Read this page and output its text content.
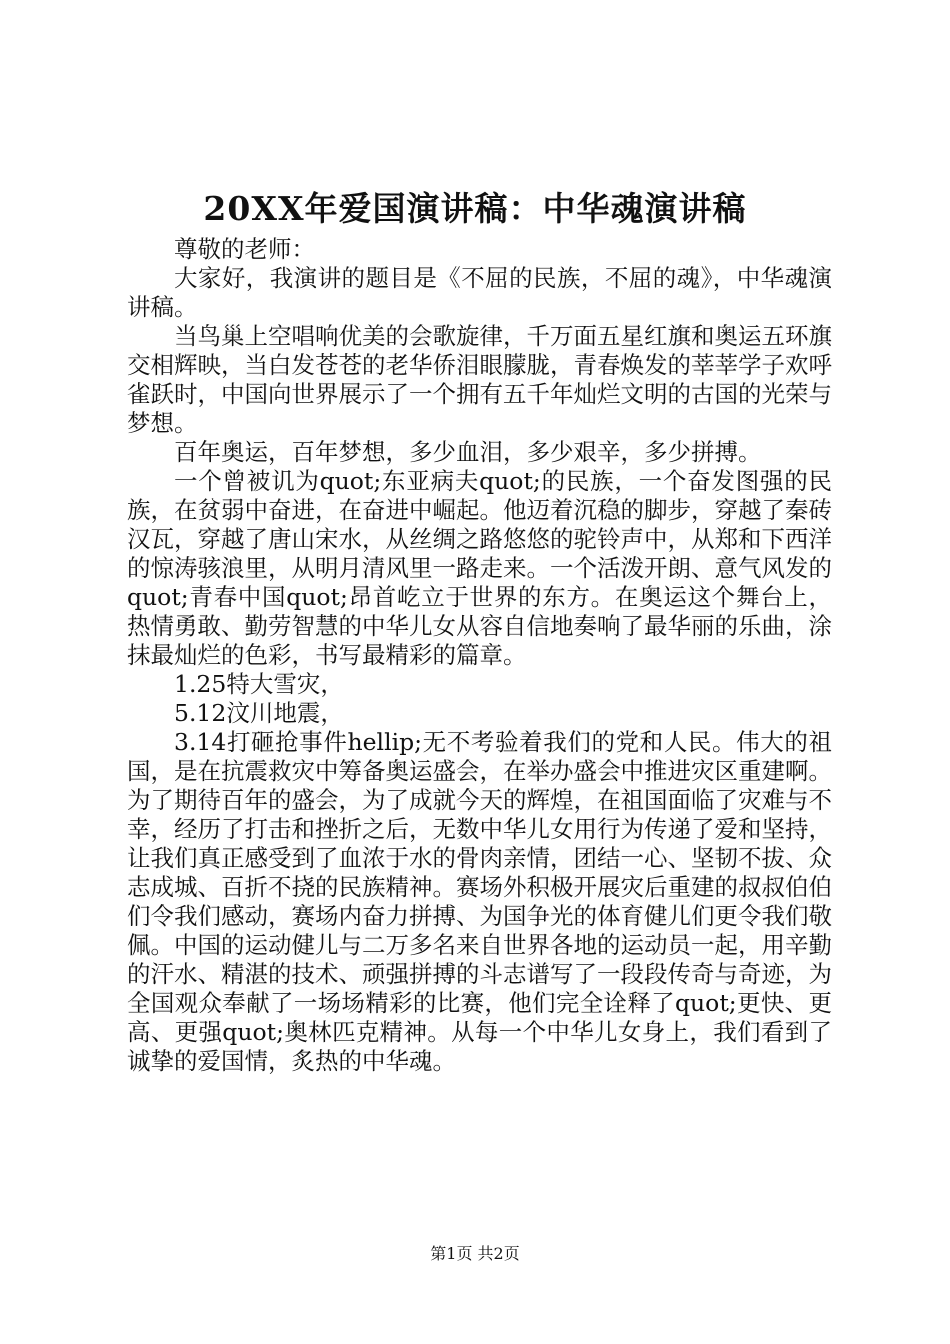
20XX年爱国演讲稿：中华魂演讲稿

尊敬的老师：

大家好，我演讲的题目是《不屈的民族，不屈的魂》，中华魂演讲稿。

当鸟巢上空唱响优美的会歌旋律，千万面五星红旗和奥运五环旗交相辉映，当白发苍苍的老华侨泪眼朦胧，青春焕发的莘莘学子欢呼雀跃时，中国向世界展示了一个拥有五千年灿烂文明的古国的光荣与梦想。

百年奥运，百年梦想，多少血泪，多少艰辛，多少拼搏。

一个曾被讥为quot;东亚病夫quot;的民族，一个奋发图强的民族，在贫弱中奋进，在奋进中崛起。他迈着沉稳的脚步，穿越了秦砖汉瓦，穿越了唐山宋水，从丝绸之路悠悠的驼铃声中，从郑和下西洋的惊涛骇浪里，从明月清风里一路走来。一个活泼开朗、意气风发的quot;青春中国quot;昂首屹立于世界的东方。在奥运这个舞台上，热情勇敢、勤劳智慧的中华儿女从容自信地奏响了最华丽的乐曲，涂抹最灿烂的色彩，书写最精彩的篇章。

1.25特大雪灾，

5.12汶川地震，

3.14打砸抢事件hellip;无不考验着我们的党和人民。伟大的祖国，是在抗震救灾中筹备奥运盛会，在举办盛会中推进灾区重建啊。为了期待百年的盛会，为了成就今天的辉煌，在祖国面临了灾难与不幸，经历了打击和挫折之后，无数中华儿女用行为传递了爱和坚持，让我们真正感受到了血浓于水的骨肉亲情，团结一心、坚韧不拔、众志成城、百折不挠的民族精神。赛场外积极开展灾后重建的叔叔伯伯们令我们感动，赛场内奋力拼搏、为国争光的体育健儿们更令我们敬佩。中国的运动健儿与二万多名来自世界各地的运动员一起，用辛勤的汗水、精湛的技术、顽强拼搏的斗志谱写了一段段传奇与奇迹，为全国观众奉献了一场场精彩的比赛，他们完全诠释了quot;更快、更高、更强quot;奥林匹克精神。从每一个中华儿女身上，我们看到了诚挚的爱国情，炙热的中华魂。

第1页 共2页
